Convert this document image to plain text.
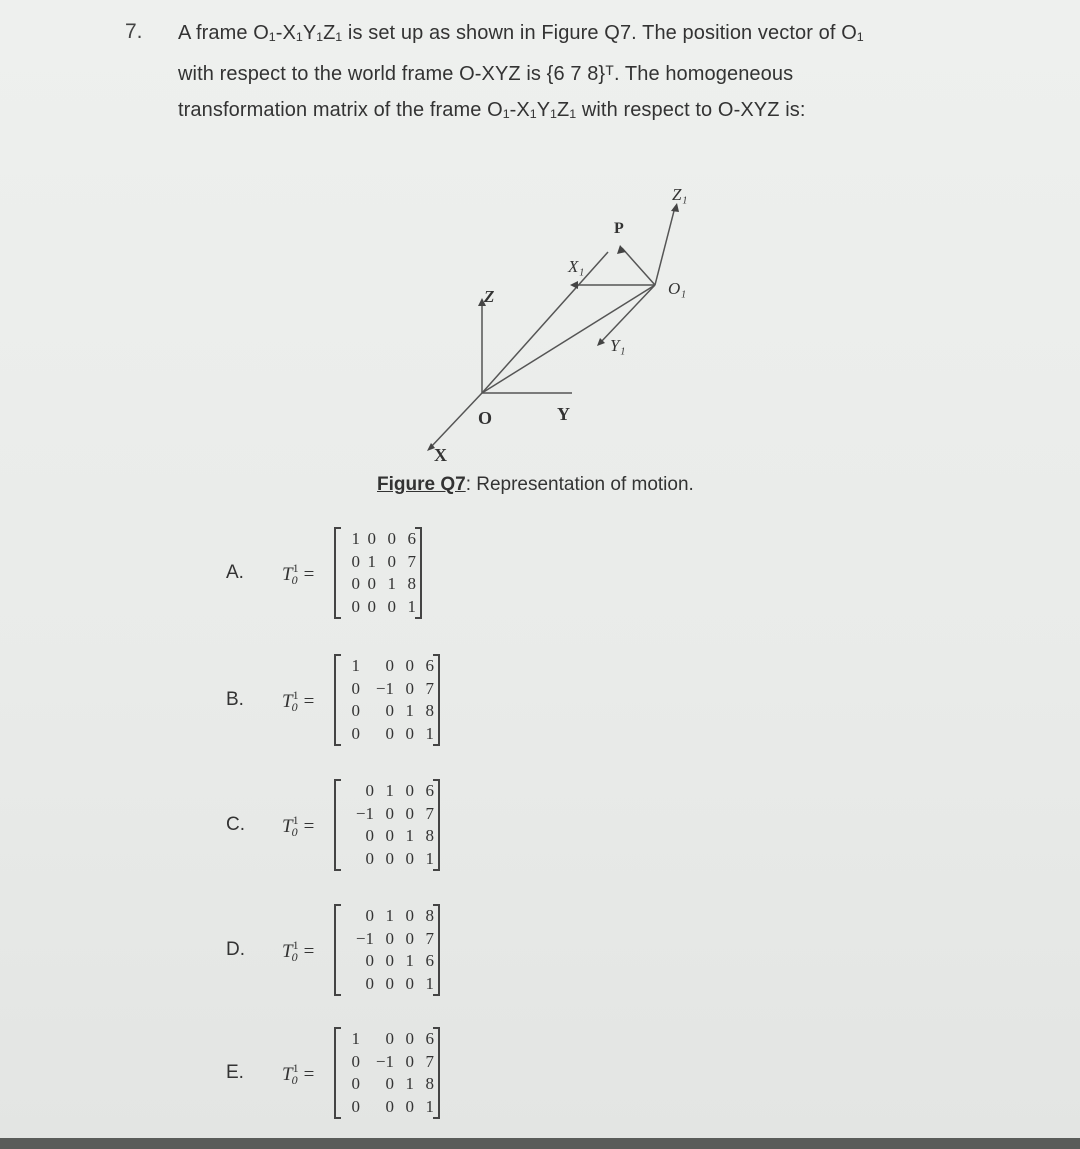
7. A frame O₁-X₁Y₁Z₁ is set up as shown in Figure Q7. The position vector of O₁
with respect to the world frame O-XYZ is {6 7 8}ᵀ. The homogeneous
transformation matrix of the frame O₁-X₁Y₁Z₁ with respect to O-XYZ is:
O	Y
Z
X
O₁
X₁
Y₁
Z₁
P
Figure Q7: Representation of motion.
A. $T^1_0$ =
1 0 0 6
0 1 0 7
0 0 1 8
0 0 0 1
B. $T^1_0$ =
1	0 0 6
0 −1 0 7
0	0 1 8
0	0 0 1
C. $T^1_0$ =
0 1 0 6
−1 0 0 7
0 0 1 8
0 0 0 1
D. $T^1_0$ =
0 1 0 8
−1 0 0 7
0 0 1 6
0 0 0 1
E. $T^1_0$ =
1	0 0 6
0 −1 0 7
0	0 1 8
0	0 0 1
